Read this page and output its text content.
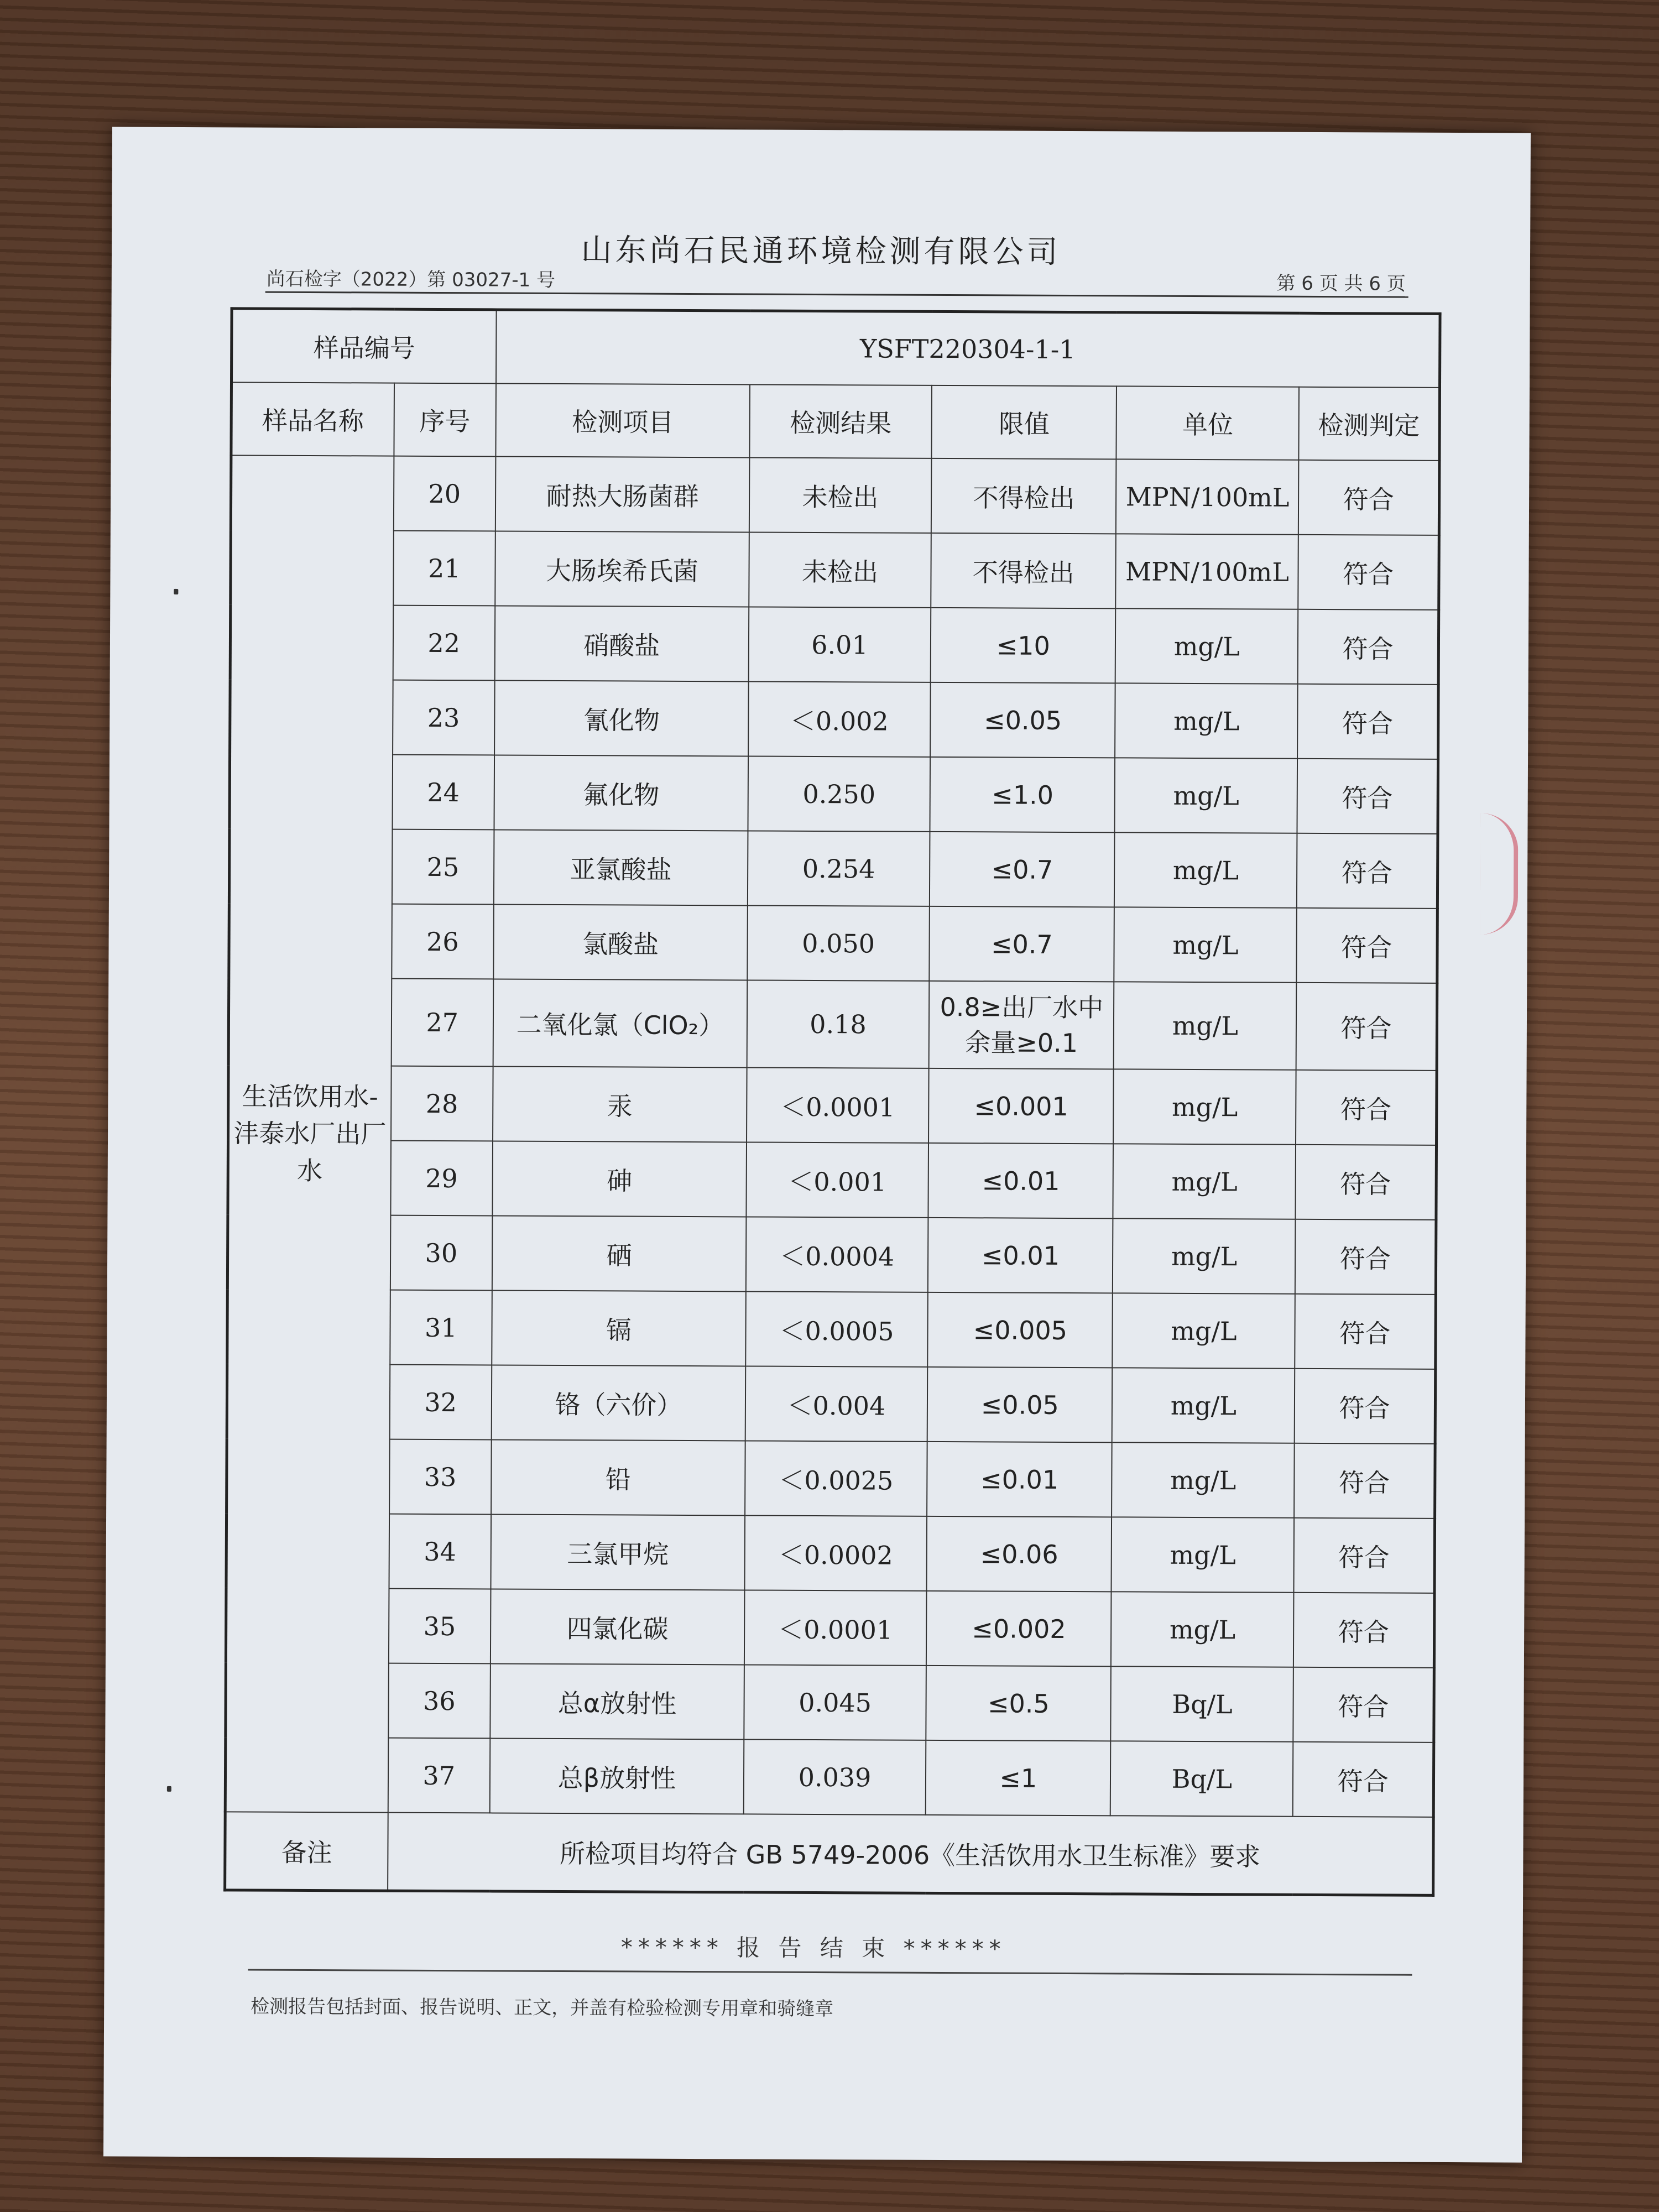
山东尚石民通环境检测有限公司
尚石检字（2022）第 03027-1 号	第 6 页 共 6 页
样品编号		YSFT220304-1-1				
样品名称	序号	检测项目	检测结果	限值	单位	检测判定
生活饮用水-沣泰水厂出厂水	20	耐热大肠菌群	未检出	不得检出	MPN/100mL	符合
	21	大肠埃希氏菌	未检出	不得检出	MPN/100mL	符合
	22	硝酸盐	6.01	≤10	mg/L	符合
	23	氰化物	＜0.002	≤0.05	mg/L	符合
	24	氟化物	0.250	≤1.0	mg/L	符合
	25	亚氯酸盐	0.254	≤0.7	mg/L	符合
	26	氯酸盐	0.050	≤0.7	mg/L	符合
	27	二氧化氯（ClO₂）	0.18	0.8≥出厂水中余量≥0.1	mg/L	符合
	28	汞	＜0.0001	≤0.001	mg/L	符合
	29	砷	＜0.001	≤0.01	mg/L	符合
	30	硒	＜0.0004	≤0.01	mg/L	符合
	31	镉	＜0.0005	≤0.005	mg/L	符合
	32	铬（六价）	＜0.004	≤0.05	mg/L	符合
	33	铅	＜0.0025	≤0.01	mg/L	符合
	34	三氯甲烷	＜0.0002	≤0.06	mg/L	符合
	35	四氯化碳	＜0.0001	≤0.002	mg/L	符合
	36	总α放射性	0.045	≤0.5	Bq/L	符合
	37	总β放射性	0.039	≤1	Bq/L	符合
备注	所检项目均符合 GB 5749-2006《生活饮用水卫生标准》要求					
****** 报 告 结 束 ******
检测报告包括封面、报告说明、正文，并盖有检验检测专用章和骑缝章
